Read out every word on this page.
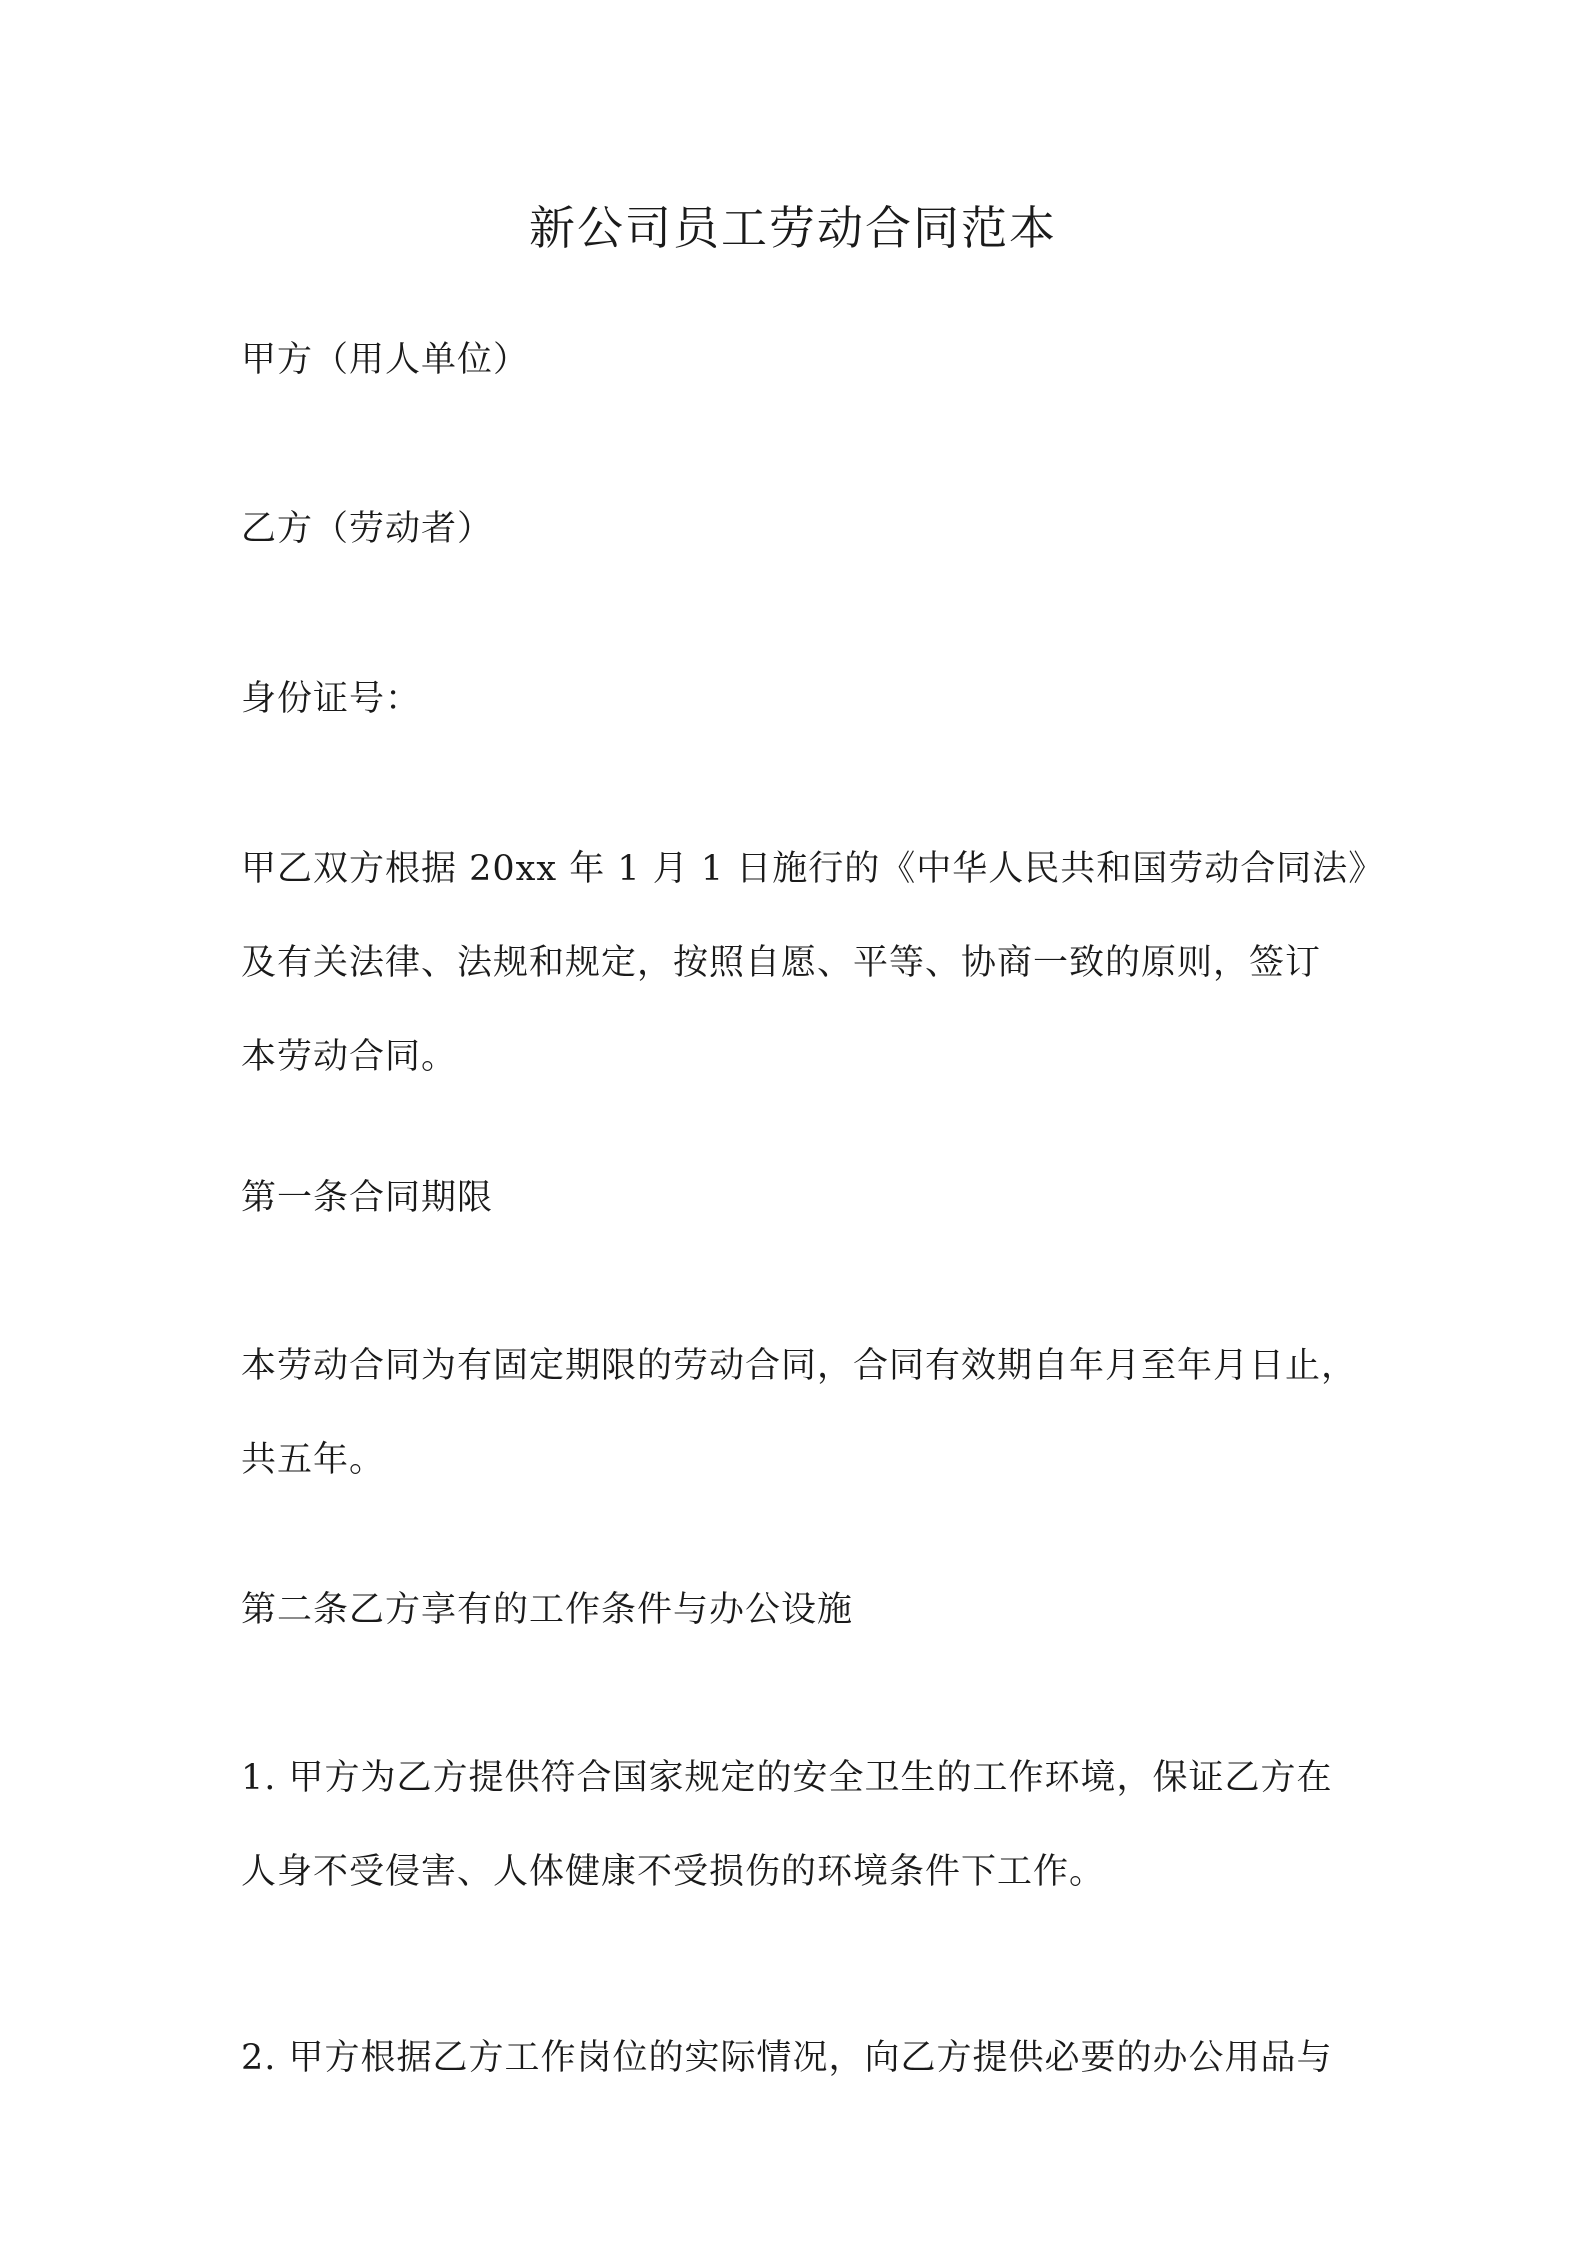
新公司员工劳动合同范本
甲方（用人单位）
乙方（劳动者）
身份证号：
甲乙双方根据 20xx 年 1 月 1 日施行的《中华人民共和国劳动合同法》
及有关法律、法规和规定，按照自愿、平等、协商一致的原则，签订
本劳动合同。
第一条合同期限
本劳动合同为有固定期限的劳动合同，合同有效期自年月至年月日止，
共五年。
第二条乙方享有的工作条件与办公设施
1. 甲方为乙方提供符合国家规定的安全卫生的工作环境，保证乙方在
人身不受侵害、人体健康不受损伤的环境条件下工作。
2. 甲方根据乙方工作岗位的实际情况，向乙方提供必要的办公用品与
